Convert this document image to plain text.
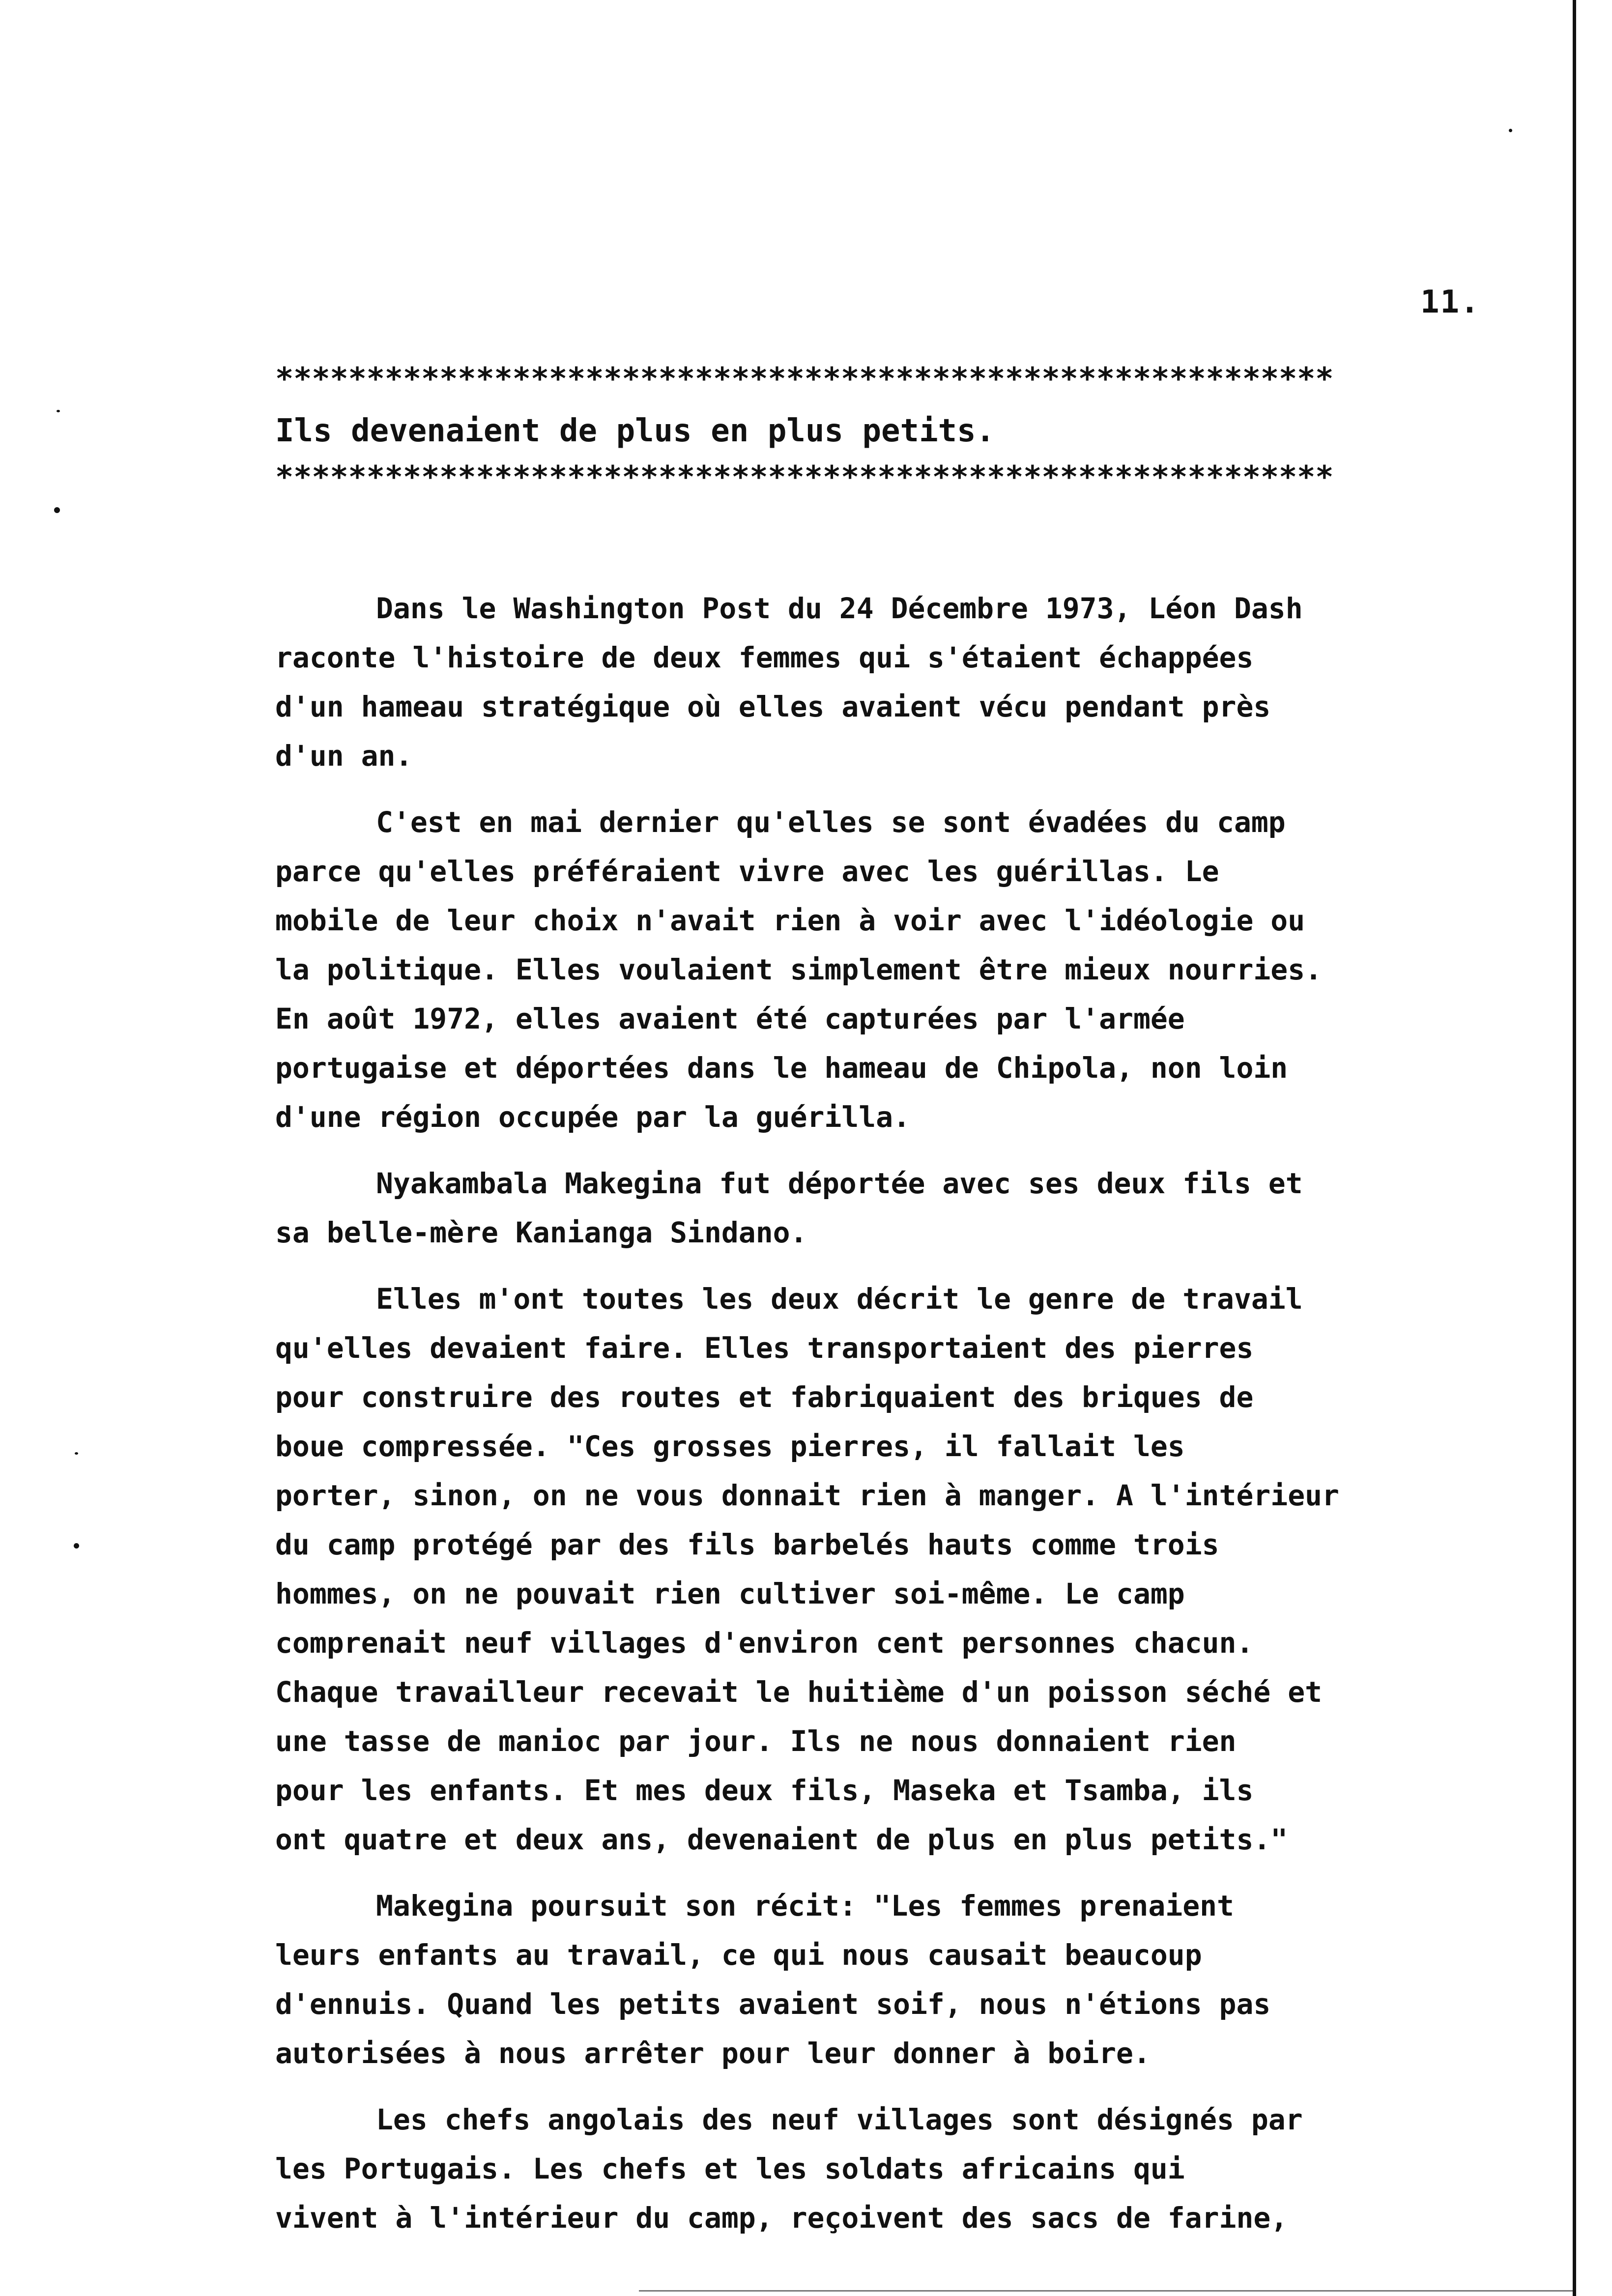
11.
**********************************************************
Ils devenaient de plus en plus petits.
**********************************************************
Dans le Washington Post du 24 Décembre 1973, Léon Dash
raconte l'histoire de deux femmes qui s'étaient échappées
d'un hameau stratégique où elles avaient vécu pendant près
d'un an.
C'est en mai dernier qu'elles se sont évadées du camp
parce qu'elles préféraient vivre avec les guérillas. Le
mobile de leur choix n'avait rien à voir avec l'idéologie ou
la politique. Elles voulaient simplement être mieux nourries.
En août 1972, elles avaient été capturées par l'armée
portugaise et déportées dans le hameau de Chipola, non loin
d'une région occupée par la guérilla.
Nyakambala Makegina fut déportée avec ses deux fils et
sa belle-mère Kanianga Sindano.
Elles m'ont toutes les deux décrit le genre de travail
qu'elles devaient faire. Elles transportaient des pierres
pour construire des routes et fabriquaient des briques de
boue compressée. "Ces grosses pierres, il fallait les
porter, sinon, on ne vous donnait rien à manger. A l'intérieur
du camp protégé par des fils barbelés hauts comme trois
hommes, on ne pouvait rien cultiver soi-même. Le camp
comprenait neuf villages d'environ cent personnes chacun.
Chaque travailleur recevait le huitième d'un poisson séché et
une tasse de manioc par jour. Ils ne nous donnaient rien
pour les enfants. Et mes deux fils, Maseka et Tsamba, ils
ont quatre et deux ans, devenaient de plus en plus petits."
Makegina poursuit son récit: "Les femmes prenaient
leurs enfants au travail, ce qui nous causait beaucoup
d'ennuis. Quand les petits avaient soif, nous n'étions pas
autorisées à nous arrêter pour leur donner à boire.
Les chefs angolais des neuf villages sont désignés par
les Portugais. Les chefs et les soldats africains qui
vivent à l'intérieur du camp, reçoivent des sacs de farine,
